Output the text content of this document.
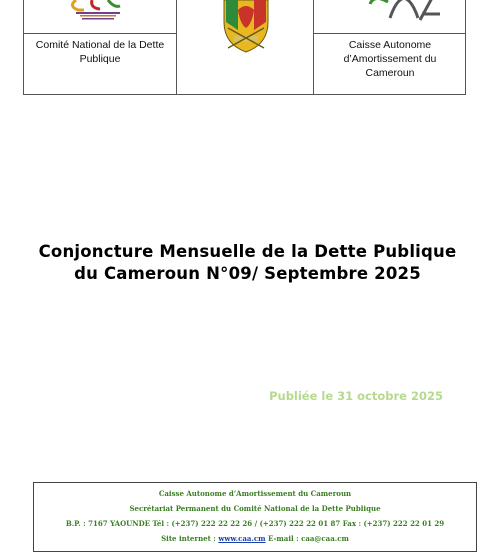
Comité National de la Dette Publique
Caisse Autonome d’Amortissement du Cameroun
Conjoncture Mensuelle de la Dette Publique
du Cameroun N°09/ Septembre 2025
Publiée le 31 octobre 2025
Caisse Autonome d’Amortissement du Cameroun
Secrétariat Permanent du Comité National de la Dette Publique
B.P. : 7167 YAOUNDE Tél : (+237) 222 22 22 26 / (+237) 222 22 01 87 Fax : (+237) 222 22 01 29
Site internet : www.caa.cm E-mail : caa@caa.cm
